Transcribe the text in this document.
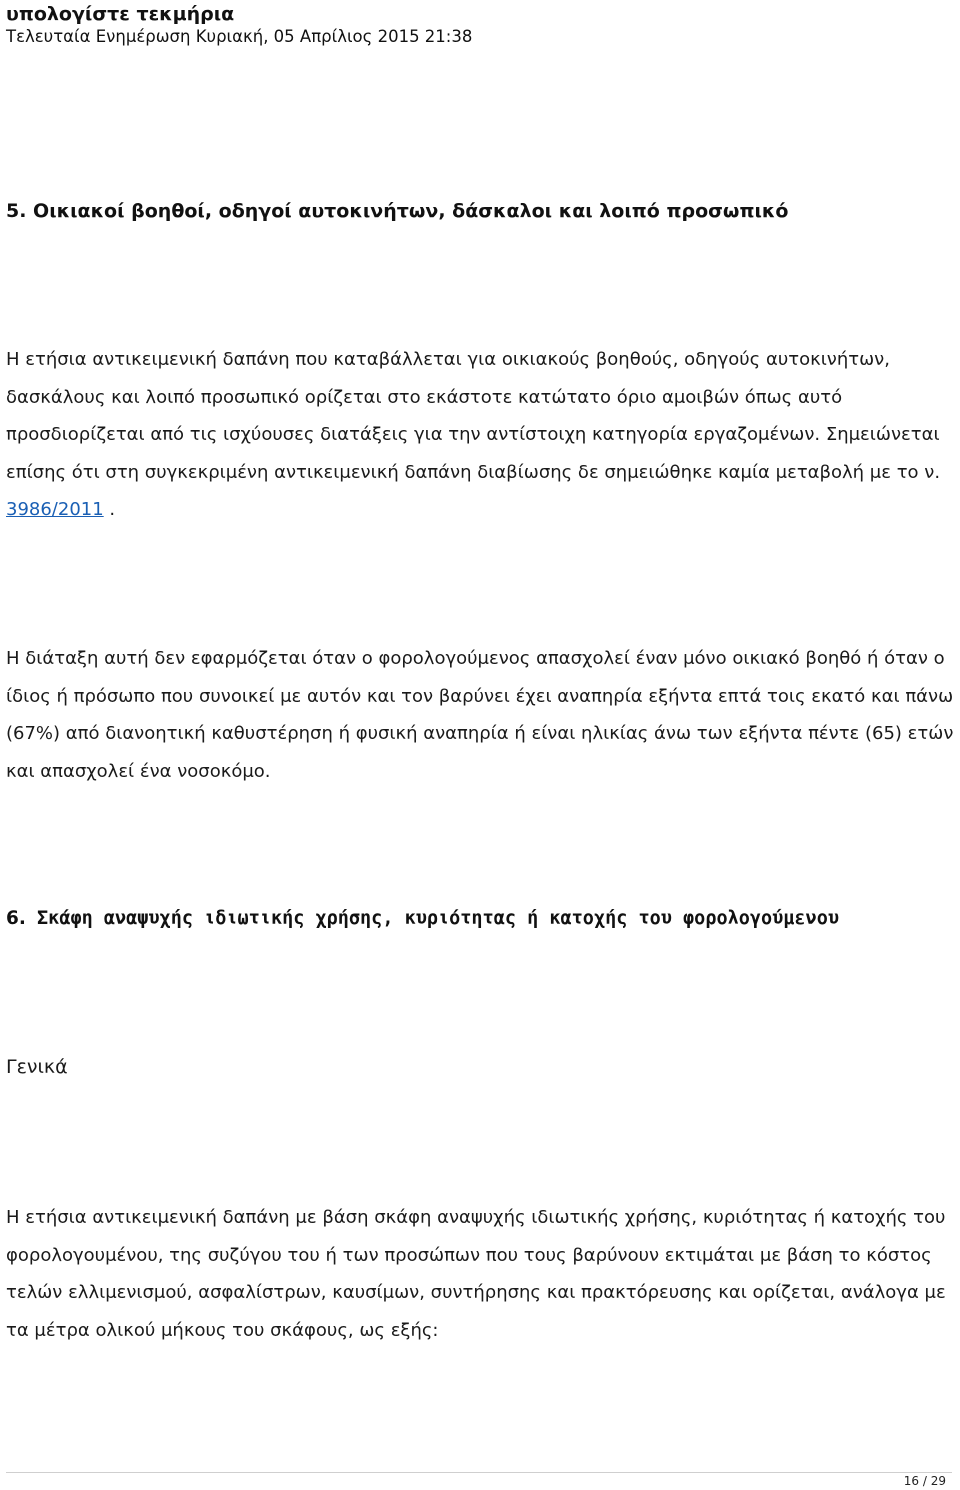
υπολογίστε τεκμήρια
Τελευταία Ενημέρωση Κυριακή, 05 Απρίλιος 2015 21:38
5. Οικιακοί βοηθοί, οδηγοί αυτοκινήτων, δάσκαλοι και λοιπό προσωπικό
Η ετήσια αντικειμενική δαπάνη που καταβάλλεται για οικιακούς βοηθούς, οδηγούς αυτοκινήτων, δασκάλους και λοιπό προσωπικό ορίζεται στο εκάστοτε κατώτατο όριο αμοιβών όπως αυτό προσδιορίζεται από τις ισχύουσες διατάξεις για την αντίστοιχη κατηγορία εργαζομένων. Σημειώνεται επίσης ότι στη συγκεκριμένη αντικειμενική δαπάνη διαβίωσης δε σημειώθηκε καμία μεταβολή με το ν. 3986/2011 .
Η διάταξη αυτή δεν εφαρμόζεται όταν ο φορολογούμενος απασχολεί έναν μόνο οικιακό βοηθό ή όταν ο ίδιος ή πρόσωπο που συνοικεί με αυτόν και τον βαρύνει έχει αναπηρία εξήντα επτά τοις εκατό και πάνω (67%) από διανοητική καθυστέρηση ή φυσική αναπηρία ή είναι ηλικίας άνω των εξήντα πέντε (65) ετών και απασχολεί ένα νοσοκόμο.
6. Σκάφη αναψυχής ιδιωτικής χρήσης, κυριότητας ή κατοχής του φορολογούμενου
Γενικά
Η ετήσια αντικειμενική δαπάνη με βάση σκάφη αναψυχής ιδιωτικής χρήσης, κυριότητας ή κατοχής του φορολογουμένου, της συζύγου του ή των προσώπων που τους βαρύνουν εκτιμάται με βάση το κόστος τελών ελλιμενισμού, ασφαλίστρων, καυσίμων, συντήρησης και πρακτόρευσης και ορίζεται, ανάλογα με τα μέτρα ολικού μήκους του σκάφους, ως εξής:
16 / 29
